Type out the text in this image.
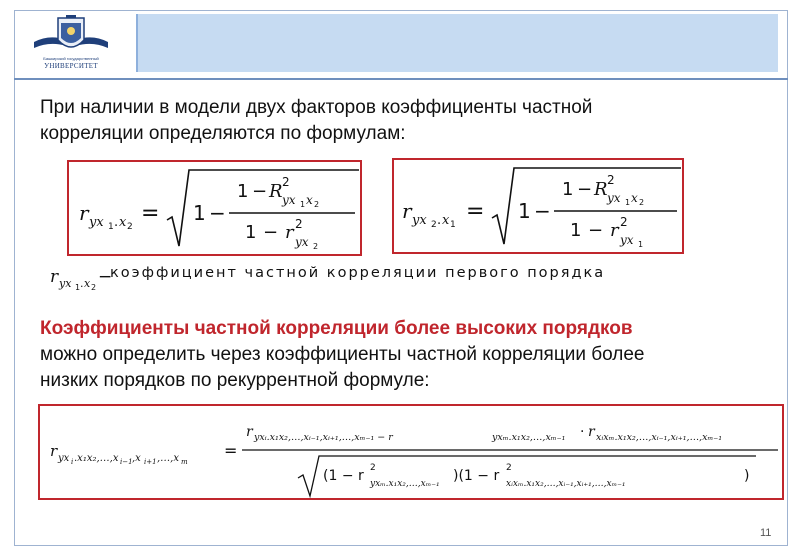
Башкирский государственный
УНИВЕРСИТЕТ
При наличии в модели двух факторов коэффициенты частной
корреляции определяются по формулам:
r yx 1 . x 2
= 1 −
1 − R 2
yx 1 x 2
1 − r 2
yx 2
r yx 2 . x 1
= 1 −
1 − R 2
yx 1 x 2
1 − r 2
yx 1
r yx 1 . x 2
−
коэффициент частной корреляции первого порядка
Коэффициенты частной корреляции более высоких порядков
можно определить через коэффициенты частной корреляции более
низких порядков по рекуррентной формуле:
r yx i .x₁x₂,…,x i−1 ,x i+1 ,…,x m
=
r yxᵢ.x₁x₂,…,xᵢ₋₁,xᵢ₊₁,…,xₘ₋₁ − r	yxₘ.x₁x₂,…,xₘ₋₁ · r xᵢxₘ.x₁x₂,…,xᵢ₋₁,xᵢ₊₁,…,xₘ₋₁
(1 − r 2
yxₘ.x₁x₂,…,xₘ₋₁ )(1 − r 2
xᵢxₘ.x₁x₂,…,xᵢ₋₁,xᵢ₊₁,…,xₘ₋₁	)
11
